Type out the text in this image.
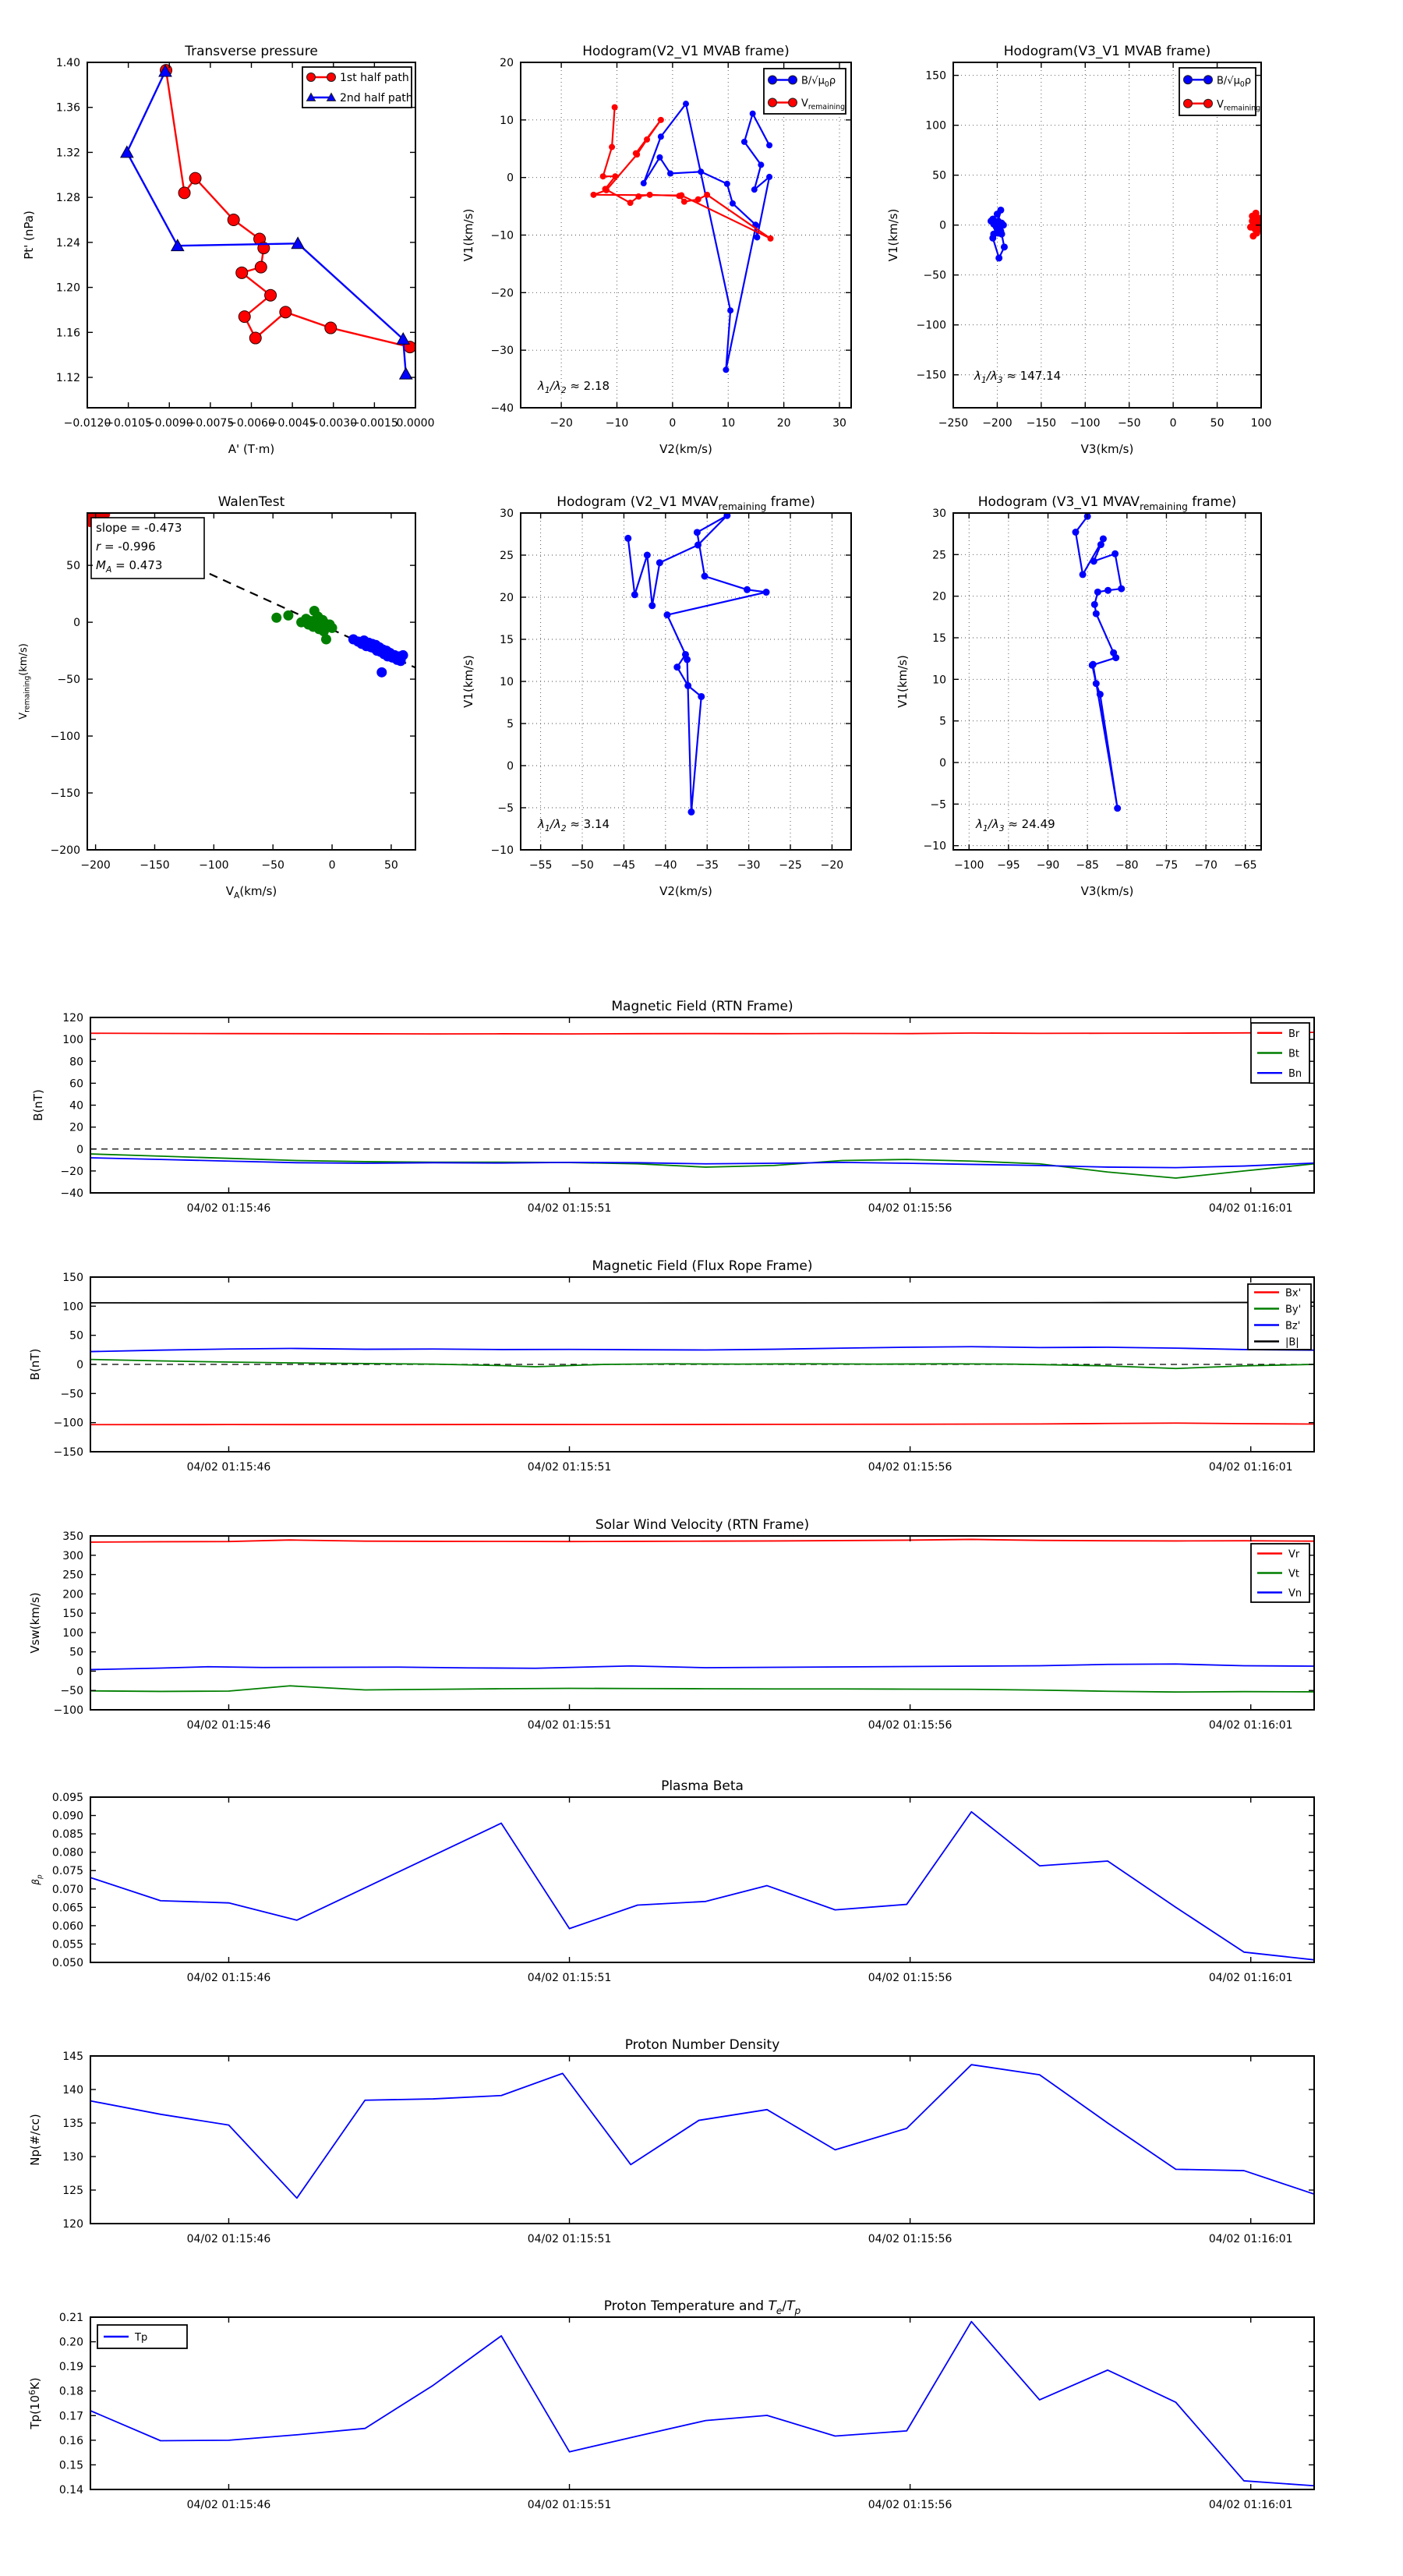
−0.0120
−0.0105
−0.0090
−0.0075
−0.0060
−0.0045
−0.0030
−0.0015
0.0000
1.12
1.16
1.20
1.24
1.28
1.32
1.36
1.40
Transverse pressure
A' (T·m)
Pt' (nPa)
1st half path
2nd half path
$\lambda_1/\lambda_2 \approx 2.18$
−20	−10	0	10	20	30
−40
−30
−20
−10
0
10
20
Hodogram(V2_V1 MVAB frame)
V2(km/s)
V1(km/s)
$B/√\mu_0\rho$
$V_{remaining}$
$\lambda_1/\lambda_3 \approx 147.14$
−250 −200 −150 −100 −50	0	50 100
−150
−100
−50
0
50
100
150
Hodogram(V3_V1 MVAB frame)
V3(km/s)
V1(km/s)
$B/√\mu_0\rho$
$V_{remaining}$
slope = -0.473
r = -0.996
$M_A = 0.473$
−200	−150	−100	−50	0	50
−200
−150
−100
−50
0
50
WalenTest
$V_A(km/s)$
$V_{remaining}(km/s)$
$\lambda_1/\lambda_2 \approx 3.14$
−55 −50 −45 −40 −35 −30 −25 −20
−10
−5
0
5
10
15
20
25
30
Hodogram (V2_V1 $MVAV_{remaining}$ frame)
V2(km/s)
V1(km/s)
$\lambda_1/\lambda_3 \approx 24.49$
−100 −95 −90 −85 −80 −75 −70 −65
−10
−5
0
5
10
15
20
25
30
Hodogram (V3_V1 $MVAV_{remaining}$ frame)
V3(km/s)
V1(km/s)
04/02 01:15:46	04/02 01:15:51	04/02 01:15:56	04/02 01:16:01
−40
−20
0
20
40
60
80
100
120
Magnetic Field (RTN Frame)
B(nT)
Br
Bt
Bn
04/02 01:15:46	04/02 01:15:51	04/02 01:15:56	04/02 01:16:01
−150
−100
−50
0
50
100
150
Magnetic Field (Flux Rope Frame)
B(nT)
Bx'
By'
Bz'
|B|
04/02 01:15:46	04/02 01:15:51	04/02 01:15:56	04/02 01:16:01
−100
−50
0
50
100
150
200
250
300
350
Solar Wind Velocity (RTN Frame)
Vsw(km/s)
Vr
Vt
Vn
04/02 01:15:46	04/02 01:15:51	04/02 01:15:56	04/02 01:16:01
0.050
0.055
0.060
0.065
0.070
0.075
0.080
0.085
0.090
0.095
Plasma Beta
$\beta_p$
04/02 01:15:46	04/02 01:15:51	04/02 01:15:56	04/02 01:16:01
120
125
130
135
140
145
Proton Number Density
Np(#/cc)
04/02 01:15:46	04/02 01:15:51	04/02 01:15:56	04/02 01:16:01
0.14
0.15
0.16
0.17
0.18
0.19
0.20
0.21
Proton Temperature and $T_e/T_p$
$Tp(10^6K)$
Tp
